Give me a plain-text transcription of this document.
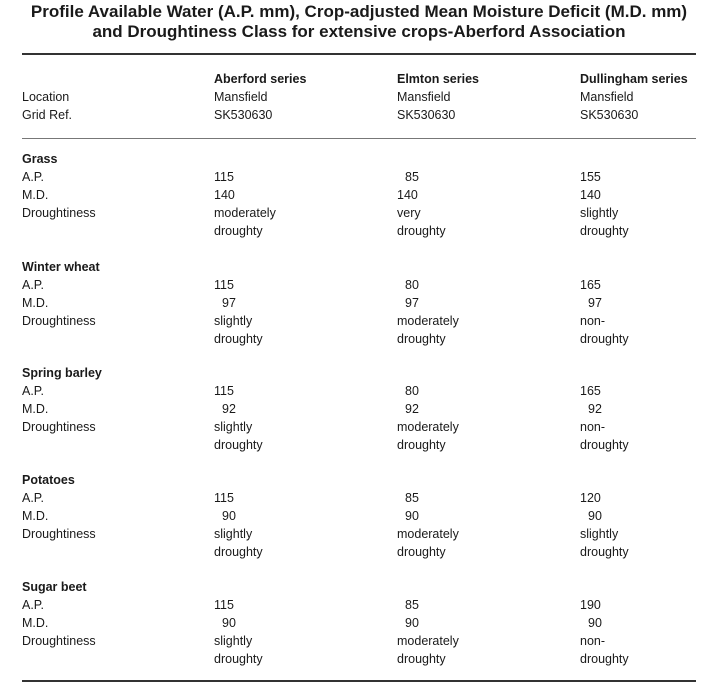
Profile Available Water (A.P. mm), Crop-adjusted Mean Moisture Deficit (M.D. mm)
and Droughtiness Class for extensive crops-Aberford Association
Location
Grid Ref.
Aberford series
Mansfield
SK530630
Elmton series
Mansfield
SK530630
Dullingham series
Mansfield
SK530630
Grass
A.P.
M.D.
Droughtiness
115
140
moderately
droughty
85
140
very
droughty
155
140
slightly
droughty
Winter wheat
A.P.
M.D.
Droughtiness
115
97
slightly
droughty
80
97
moderately
droughty
165
97
non-
droughty
Spring barley
A.P.
M.D.
Droughtiness
115
92
slightly
droughty
80
92
moderately
droughty
165
92
non-
droughty
Potatoes
A.P.
M.D.
Droughtiness
115
90
slightly
droughty
85
90
moderately
droughty
120
90
slightly
droughty
Sugar beet
A.P.
M.D.
Droughtiness
115
90
slightly
droughty
85
90
moderately
droughty
190
90
non-
droughty
